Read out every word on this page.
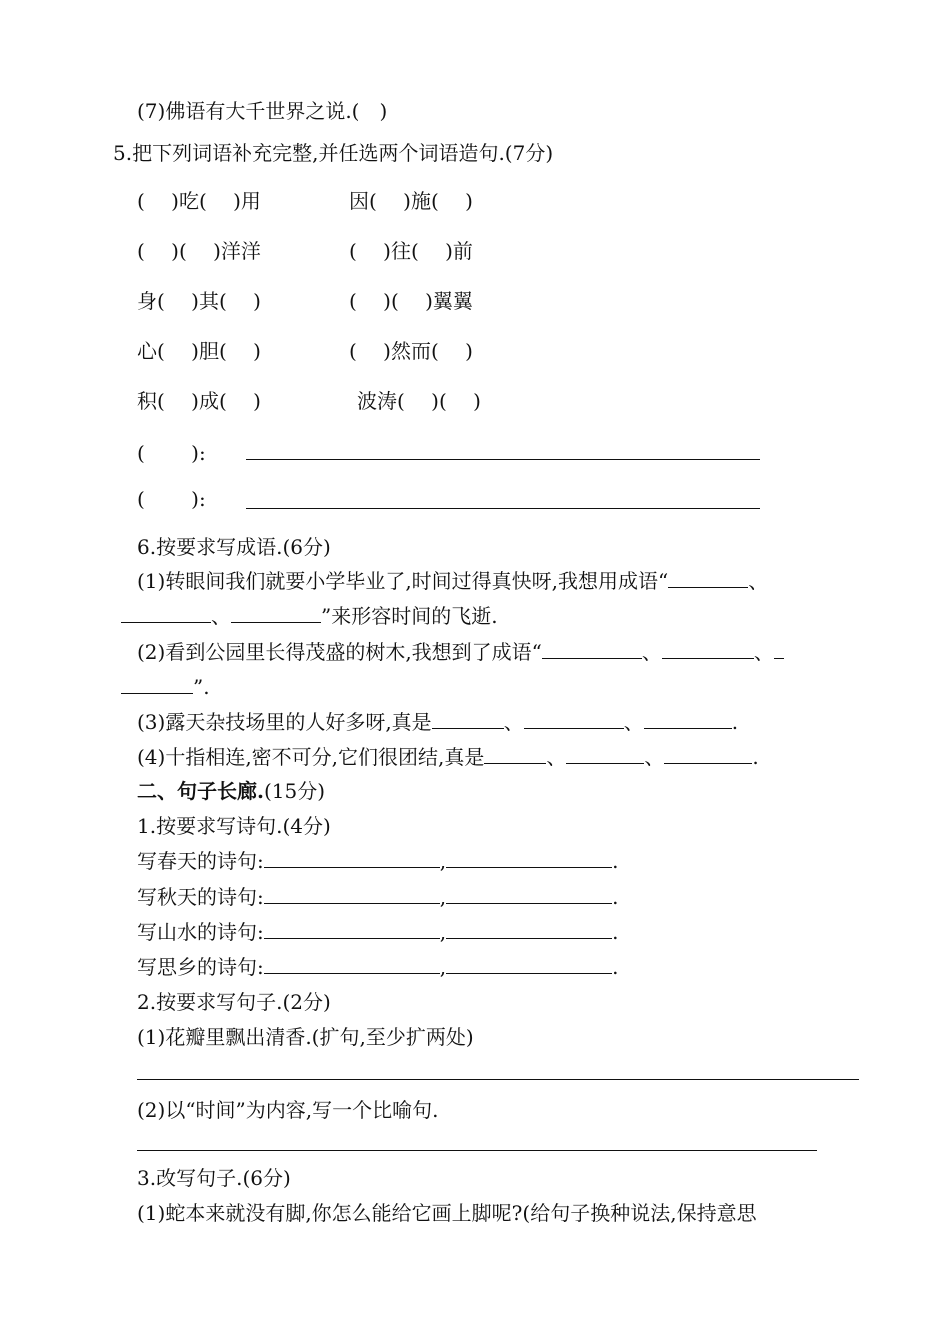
(7)佛语有大千世界之说.(　)
5.把下列词语补充完整,并任选两个词语造句.(7分)
(　 )吃(　 )用	因(　 )施(　 )
(　 )(　 )洋洋	(　 )往(　 )前
身(　 )其(　 )	(　 )(　 )翼翼
心(　 )胆(　 )	(　 )然而(　 )
积(　 )成(　 )	波涛(　 )(　 )
(　　 ):
(　　 ):
6.按要求写成语.(6分)
(1)转眼间我们就要小学毕业了,时间过得真快呀,我想用成语“	、
、	”来形容时间的飞逝.
(2)看到公园里长得茂盛的树木,我想到了成语“	、	、
”.
(3)露天杂技场里的人好多呀,真是	、	、	.
(4)十指相连,密不可分,它们很团结,真是	、	、	.
二、句子长廊.(15分)
1.按要求写诗句.(4分)
写春天的诗句:	,	.
写秋天的诗句:	,	.
写山水的诗句:	,	.
写思乡的诗句:	,	.
2.按要求写句子.(2分)
(1)花瓣里飘出清香.(扩句,至少扩两处)
(2)以“时间”为内容,写一个比喻句.
3.改写句子.(6分)
(1)蛇本来就没有脚,你怎么能给它画上脚呢?(给句子换种说法,保持意思
